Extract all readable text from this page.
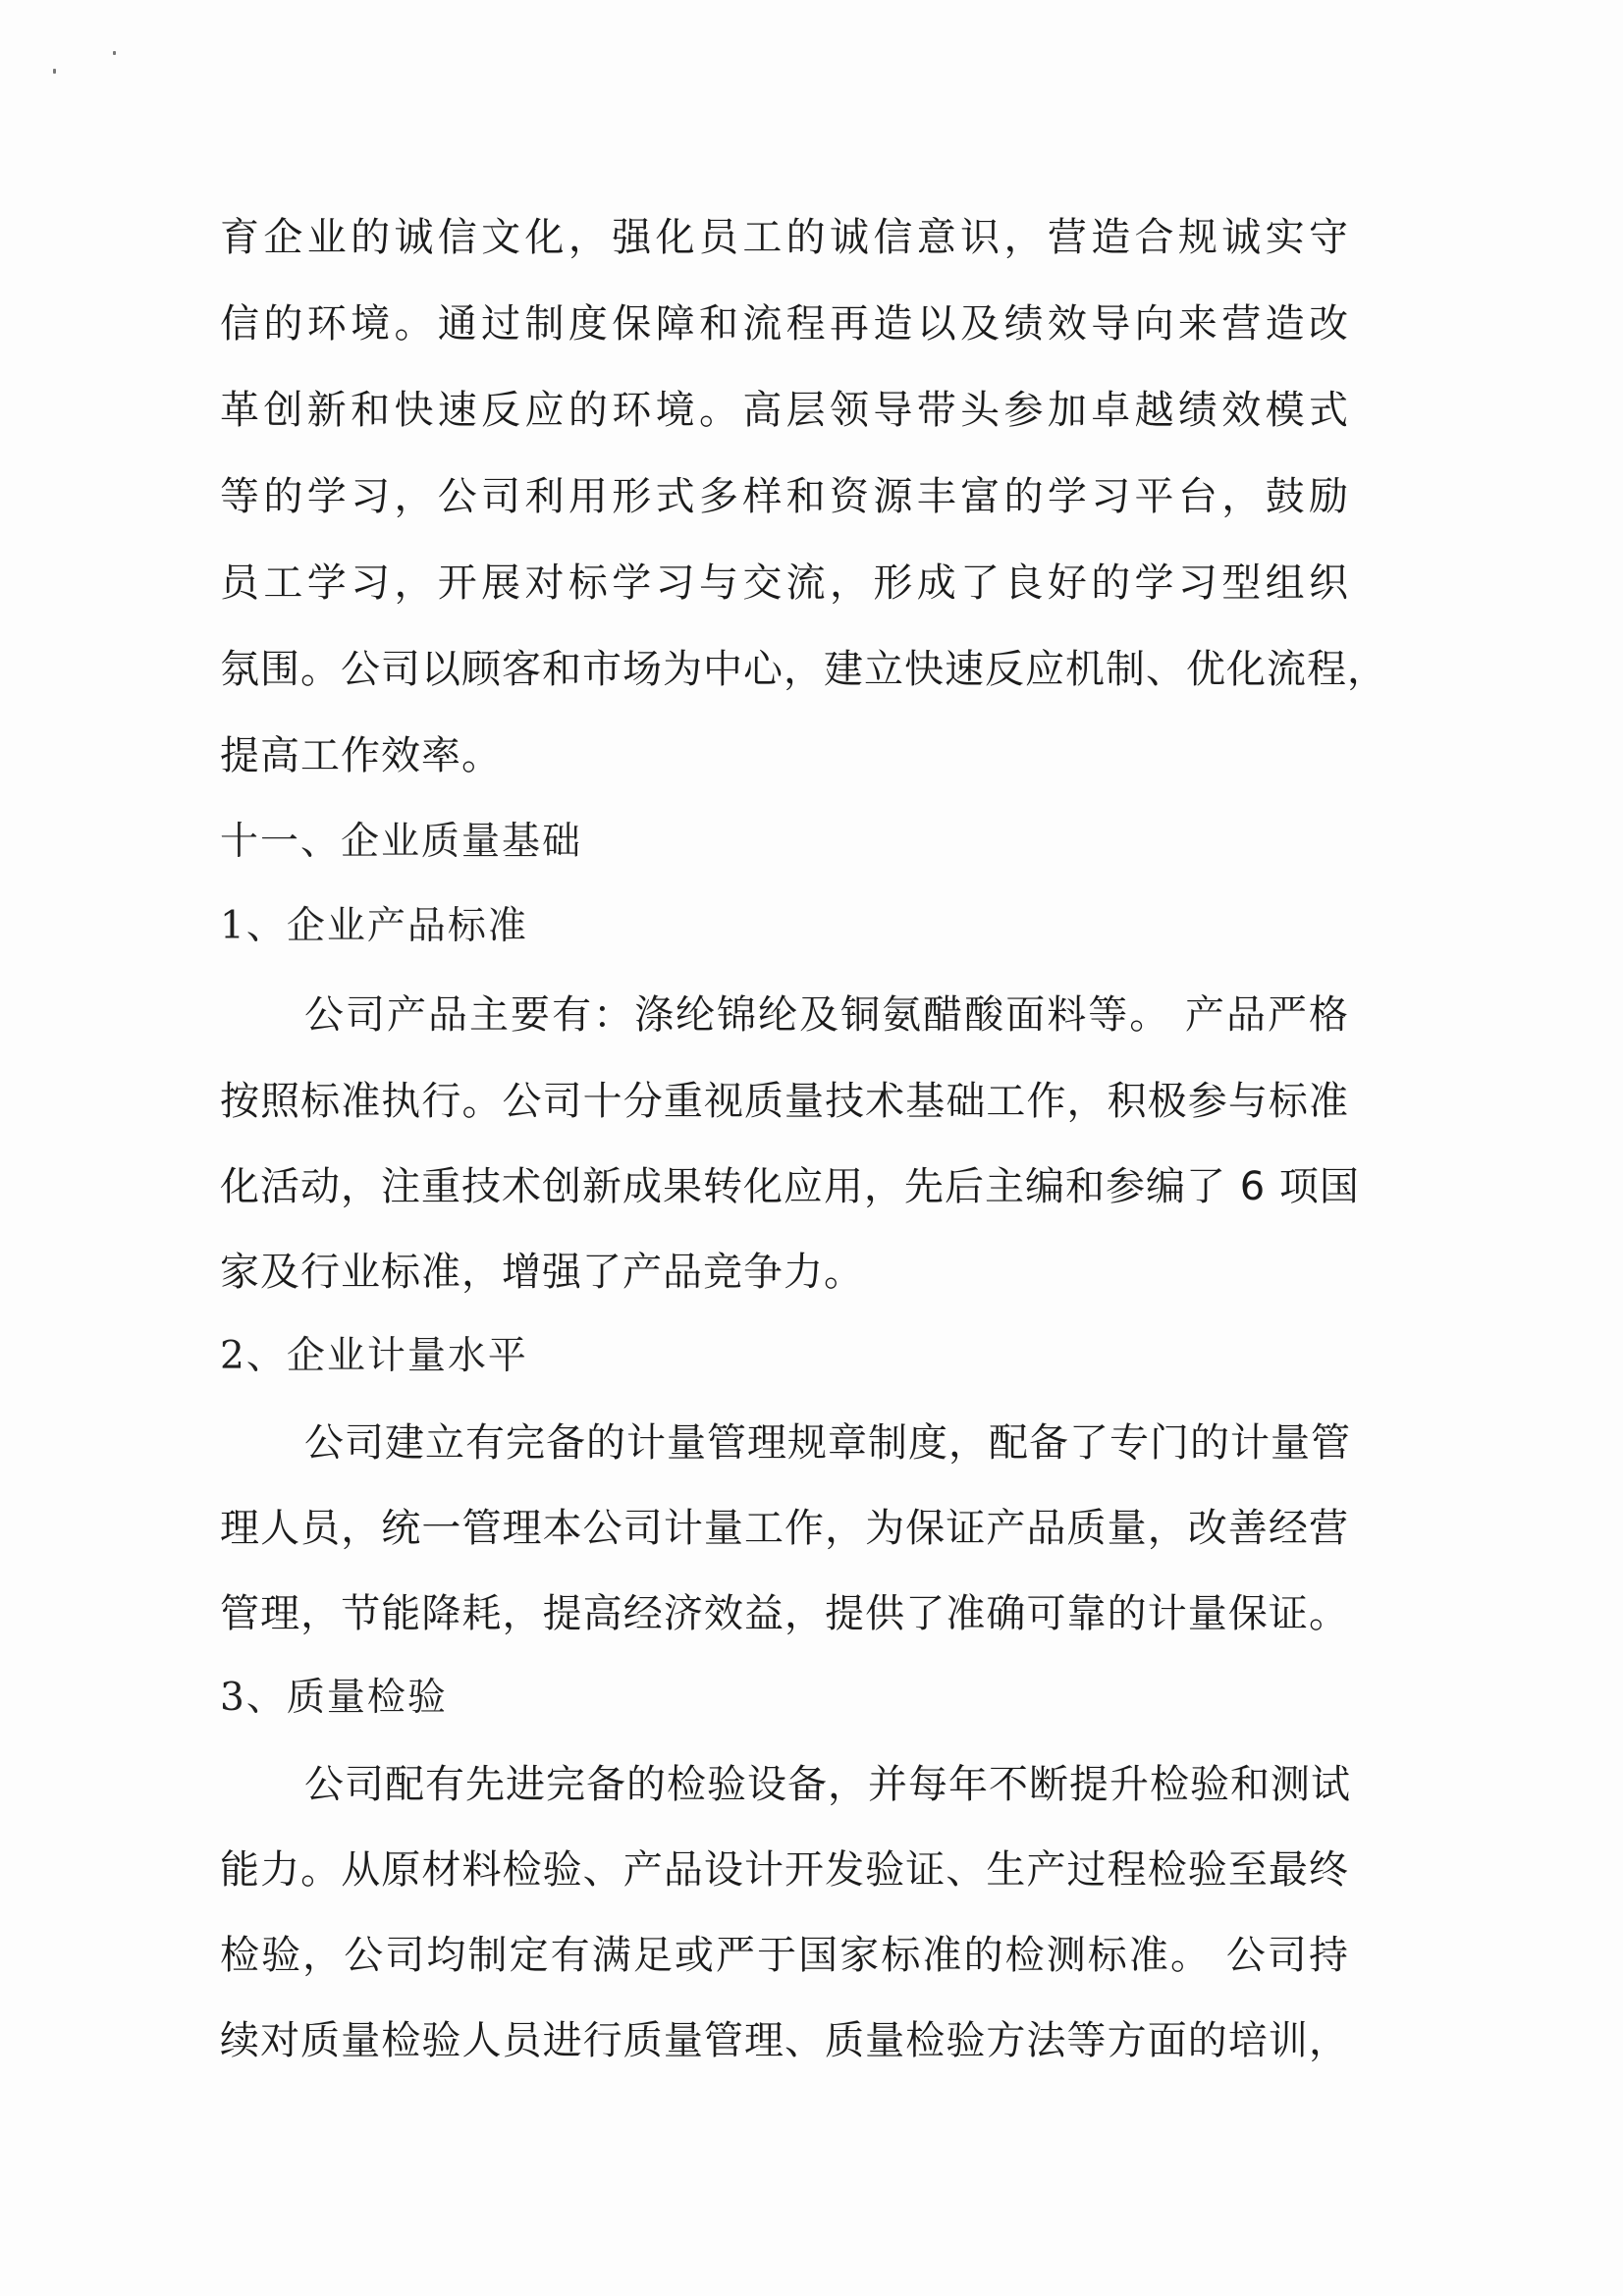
育企业的诚信文化，强化员工的诚信意识，营造合规诚实守
信的环境。通过制度保障和流程再造以及绩效导向来营造改
革创新和快速反应的环境。高层领导带头参加卓越绩效模式
等的学习，公司利用形式多样和资源丰富的学习平台，鼓励
员工学习，开展对标学习与交流，形成了良好的学习型组织
氛围。公司以顾客和市场为中心，建立快速反应机制、优化流程，
提高工作效率。
十一、企业质量基础
1、企业产品标准
公司产品主要有：涤纶锦纶及铜氨醋酸面料等。 产品严格
按照标准执行。公司十分重视质量技术基础工作，积极参与标准
化活动，注重技术创新成果转化应用，先后主编和参编了 6 项国
家及行业标准，增强了产品竞争力。
2、企业计量水平
公司建立有完备的计量管理规章制度，配备了专门的计量管
理人员，统一管理本公司计量工作，为保证产品质量，改善经营
管理，节能降耗，提高经济效益，提供了准确可靠的计量保证。
3、质量检验
公司配有先进完备的检验设备，并每年不断提升检验和测试
能力。从原材料检验、产品设计开发验证、生产过程检验至最终
检验，公司均制定有满足或严于国家标准的检测标准。 公司持
续对质量检验人员进行质量管理、质量检验方法等方面的培训，
